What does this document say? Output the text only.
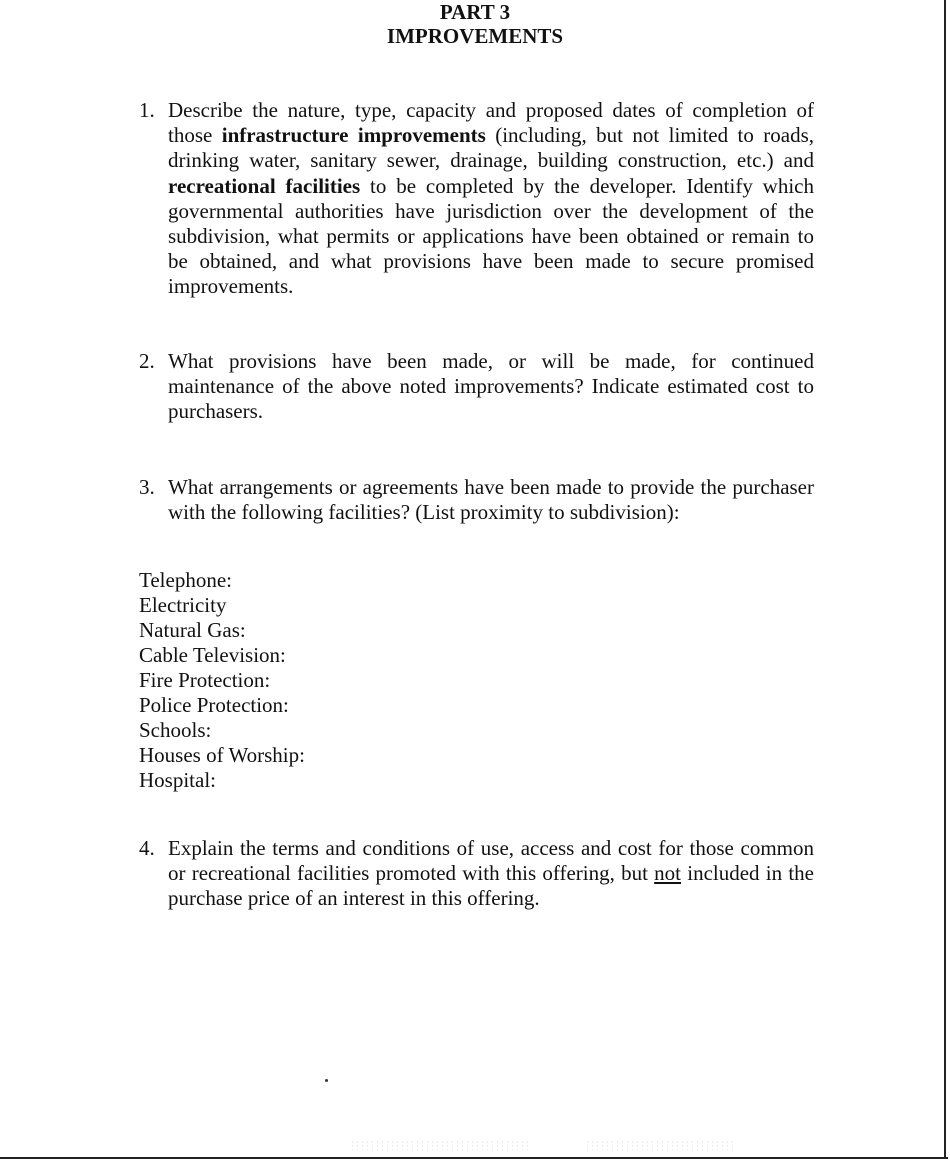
PART 3
IMPROVEMENTS
1. Describe the nature, type, capacity and proposed dates of completion of those infrastructure improvements (including, but not limited to roads, drinking water, sanitary sewer, drainage, building construction, etc.) and recreational facilities to be completed by the developer. Identify which governmental authorities have jurisdiction over the development of the subdivision, what permits or applications have been obtained or remain to be obtained, and what provisions have been made to secure promised improvements.
2. What provisions have been made, or will be made, for continued maintenance of the above noted improvements? Indicate estimated cost to purchasers.
3. What arrangements or agreements have been made to provide the purchaser with the following facilities? (List proximity to subdivision):
Telephone:
Electricity
Natural Gas:
Cable Television:
Fire Protection:
Police Protection:
Schools:
Houses of Worship:
Hospital:
4. Explain the terms and conditions of use, access and cost for those common or recreational facilities promoted with this offering, but not included in the purchase price of an interest in this offering.
